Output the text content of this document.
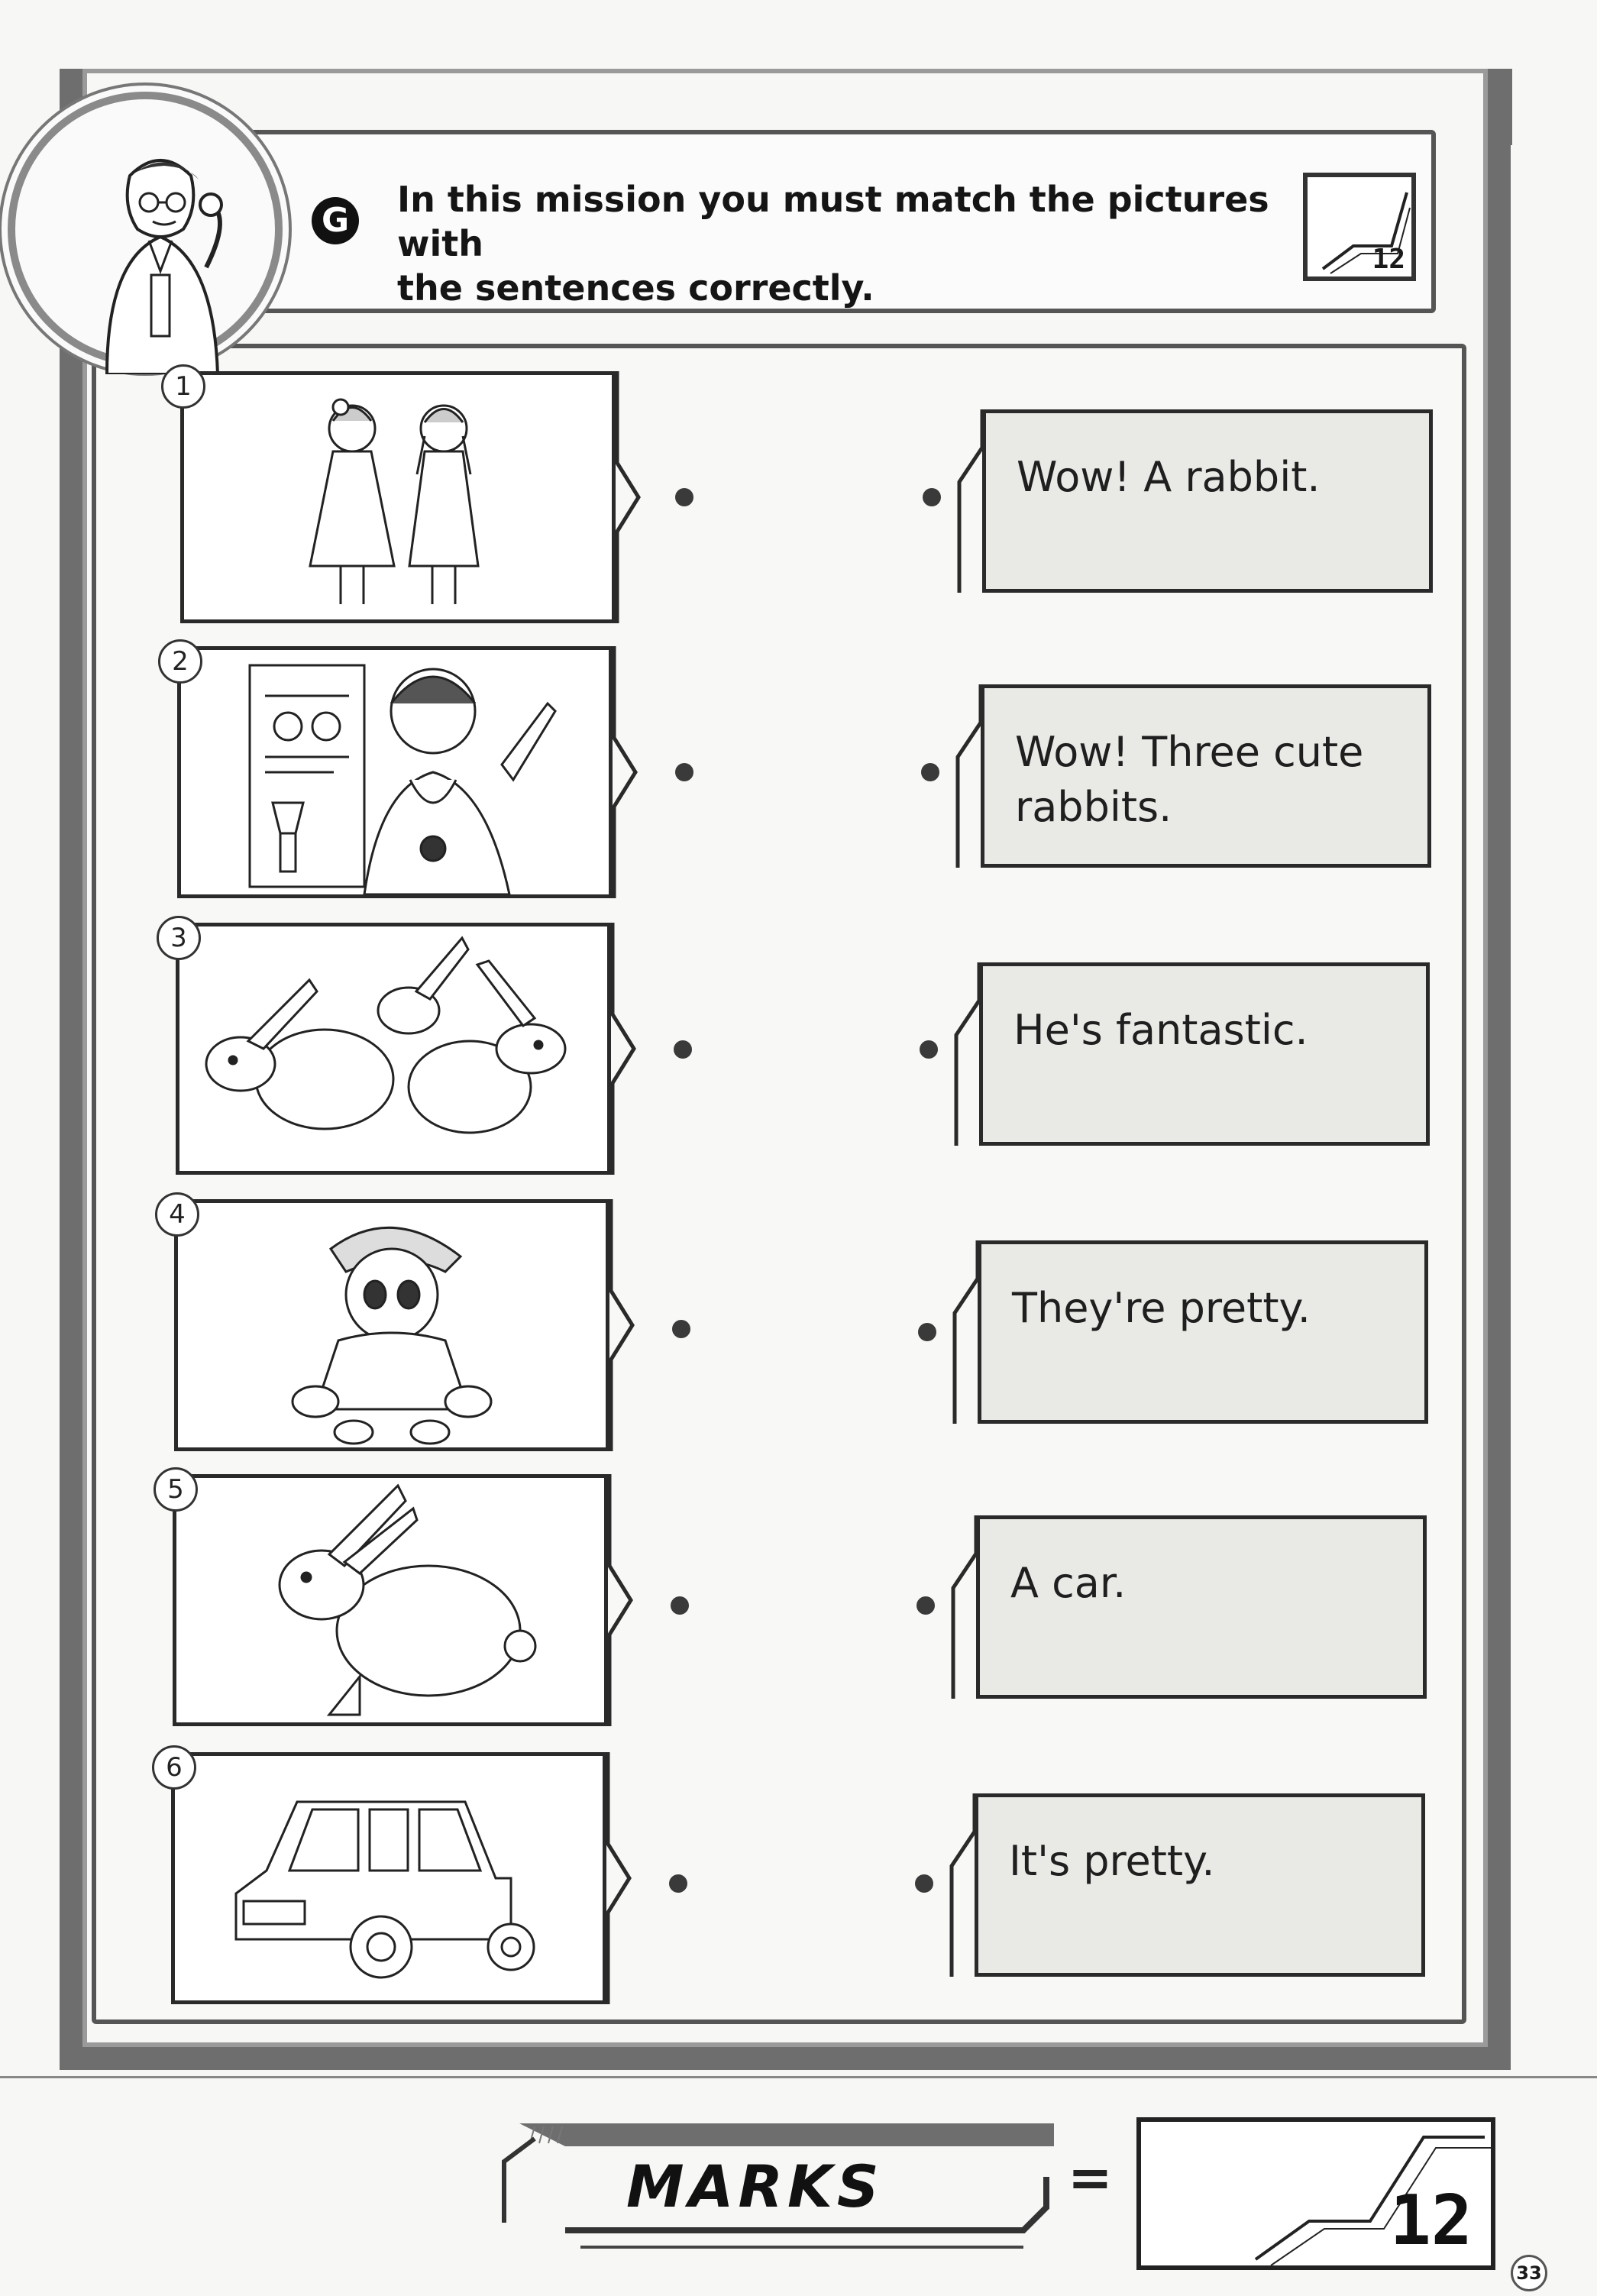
G
In this mission you must match the pictures with
the sentences correctly.
12
1
Wow! A rabbit.
2
Wow! Three cute rabbits.
3
He's fantastic.
4
They're pretty.
5
A car.
6
It's pretty.
MARKS	=
12
33
